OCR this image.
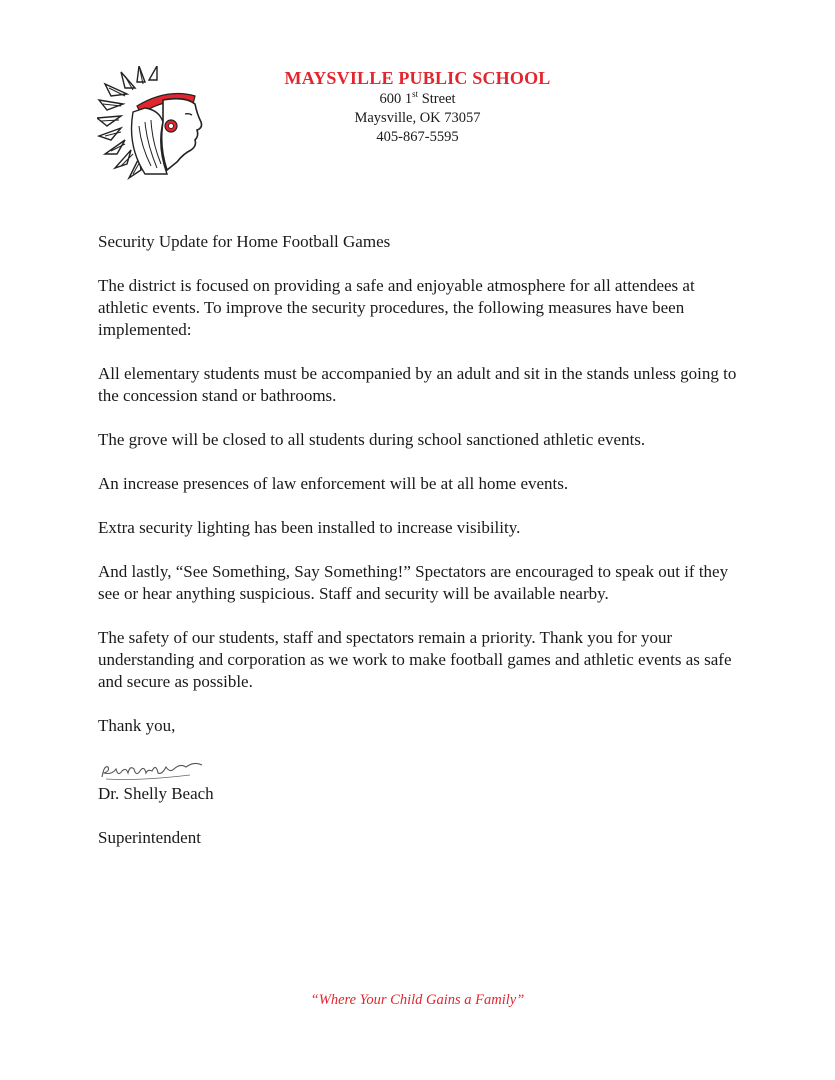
MAYSVILLE PUBLIC SCHOOL
600 1st Street
Maysville, OK 73057
405-867-5595

Security Update for Home Football Games

The district is focused on providing a safe and enjoyable atmosphere for all attendees at athletic events. To improve the security procedures, the following measures have been implemented:

All elementary students must be accompanied by an adult and sit in the stands unless going to the concession stand or bathrooms.

The grove will be closed to all students during school sanctioned athletic events.

An increase presences of law enforcement will be at all home events.

Extra security lighting has been installed to increase visibility.

And lastly, “See Something, Say Something!” Spectators are encouraged to speak out if they see or hear anything suspicious. Staff and security will be available nearby.

The safety of our students, staff and spectators remain a priority. Thank you for your understanding and corporation as we work to make football games and athletic events as safe and secure as possible.

Thank you,

Dr. Shelly Beach

Superintendent

“Where Your Child Gains a Family”
